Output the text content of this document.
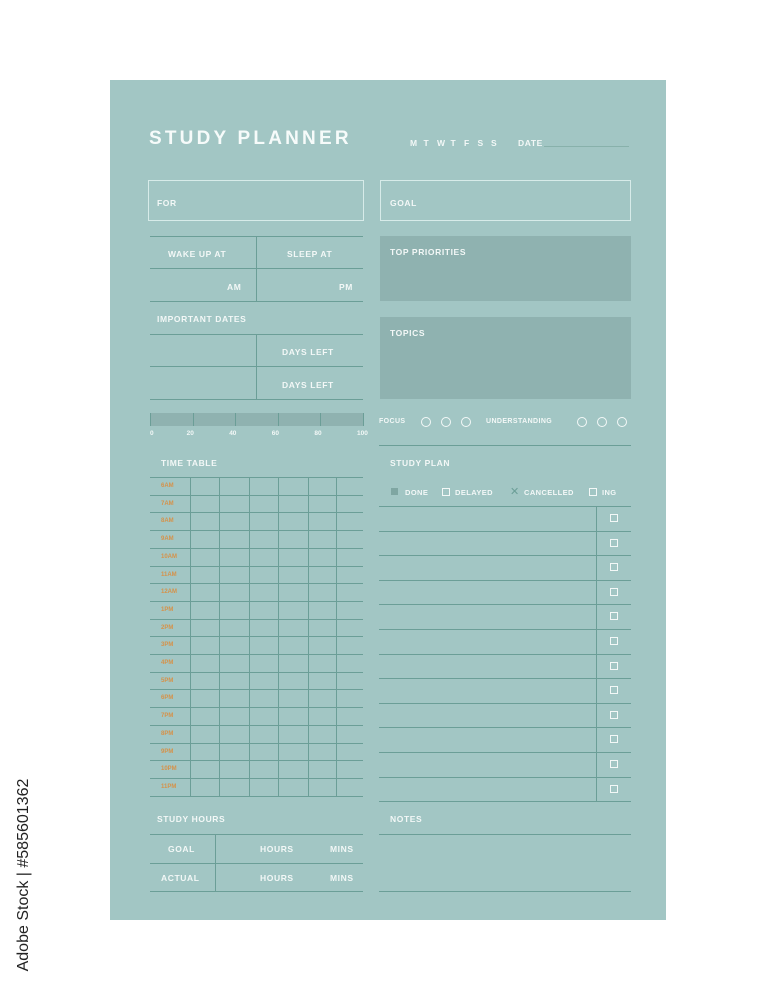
STUDY PLANNER	M T W T F S S	DATE
FOR	GOAL
WAKE UP AT	SLEEP AT
AM	PM
IMPORTANT DATES
DAYS LEFT
DAYS LEFT
0	20	40	60	80	100
TOP PRIORITIES
TOPICS
FOCUS	UNDERSTANDING
TIME TABLE
6AM
7AM
8AM
9AM
10AM
11AM
12AM
1PM
2PM
3PM
4PM
5PM
6PM
7PM
8PM
9PM
10PM
11PM
STUDY PLAN
DONE	DELAYED ✕ CANCELLED	ING
STUDY HOURS
GOAL	HOURS	MINS
ACTUAL	HOURS	MINS
NOTES
Adobe Stock | #585601362
